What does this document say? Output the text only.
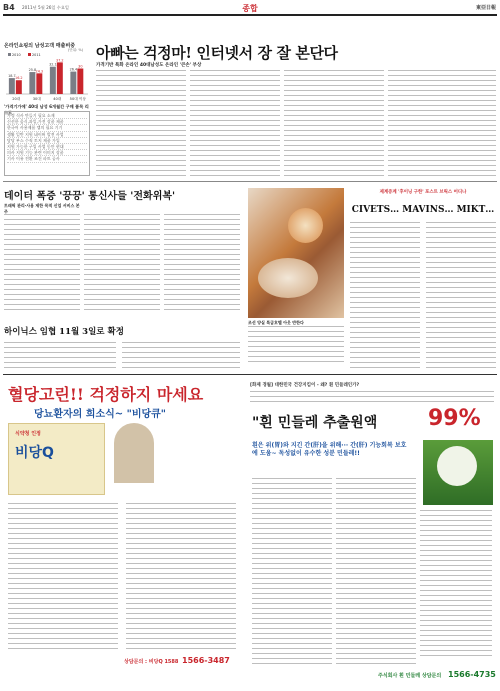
B4 2011년 5월 26일 수요일	종합	東亞日報
온라인쇼핑의 남성고객 매출비중
(단위: %)
18.7
16.2
20대
25.8 24.3
30대
32.1
37.2
40대
26.4
30
50대 이상
2010	2011
'가격기가에' 40대 남성 6개월간 구매 품목 리스트
가정 식사 만들기 필요 소재
신선한 음식,과일,가전 상품 제품
한국어 사용제품 앱의 필요 기기
생활 일반 지원 네이버 발전 사업
담당 부스 수직 토지 제품 가입
지원 가능한 구입 사업 동안 현대
의사 지원 기능 관련 이미지 상품
기사 이유 전환 조건 파트 공사
아빠는 걱정마! 인터넷서 장 잘 본단다
가격기반 특화 온라인 40대남성도 온라인 '큰손' 부상
데이터 폭증 '끙끙' 통신사들 '전화위복'
트래픽 관리·사용 제한 목적 신업 서비스 본 주
하이닉스 임협 11월 3일로 확정
조선 양실 특급호텔 아웃 반한다
제계증계 '후이닝 구한' 포스트 브릭스 어디나
CIVETS… MAVINS… MIKT…
혈당고린!! 걱정하지 마세요
당뇨환자의 희소식~ "비당큐"
식약청 인정
비당Q
상담문의 : 비당Q 1588 1566-3487
[화제 경월] 대한민국 건강지킴이 - 왜? 흰 민들레인가?
"흰 민들레 추출원액	99%
흰은 위(胃)와 지긴 간(肝)을 위해··· 간(肝) 기능회복 보호에 도움~ 독성없이 유수한 성분 민들레!!
주식회사 흰 민들레 상담문의 1566-4735
